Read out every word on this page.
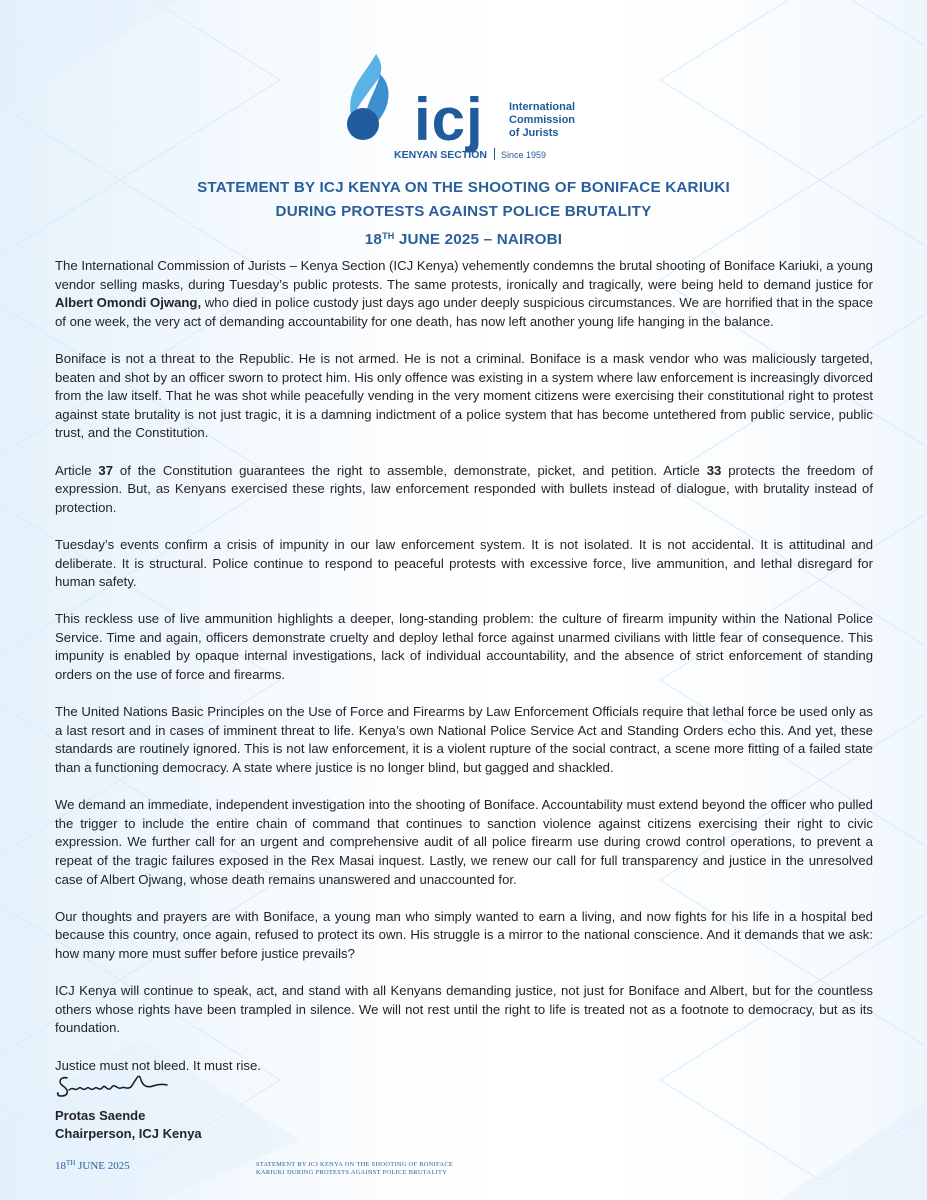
icj International
Commission
of Jurists
KENYAN SECTION Since 1959
STATEMENT BY ICJ KENYA ON THE SHOOTING OF BONIFACE KARIUKI
DURING PROTESTS AGAINST POLICE BRUTALITY
18TH JUNE 2025 – NAIROBI

The International Commission of Jurists – Kenya Section (ICJ Kenya) vehemently condemns the brutal shooting of Boniface Kariuki, a young vendor selling masks, during Tuesday’s public protests. The same protests, ironically and tragically, were being held to demand justice for Albert Omondi Ojwang, who died in police custody just days ago under deeply suspicious circumstances. We are horrified that in the space of one week, the very act of demanding accountability for one death, has now left another young life hanging in the balance.

Boniface is not a threat to the Republic. He is not armed. He is not a criminal. Boniface is a mask vendor who was maliciously targeted, beaten and shot by an officer sworn to protect him. His only offence was existing in a system where law enforcement is increasingly divorced from the law itself. That he was shot while peacefully vending in the very moment citizens were exercising their constitutional right to protest against state brutality is not just tragic, it is a damning indictment of a police system that has become untethered from public service, public trust, and the Constitution.

Article 37 of the Constitution guarantees the right to assemble, demonstrate, picket, and petition. Article 33 protects the freedom of expression. But, as Kenyans exercised these rights, law enforcement responded with bullets instead of dialogue, with brutality instead of protection.

Tuesday’s events confirm a crisis of impunity in our law enforcement system. It is not isolated. It is not accidental. It is attitudinal and deliberate. It is structural. Police continue to respond to peaceful protests with excessive force, live ammunition, and lethal disregard for human safety.

This reckless use of live ammunition highlights a deeper, long-standing problem: the culture of firearm impunity within the National Police Service. Time and again, officers demonstrate cruelty and deploy lethal force against unarmed civilians with little fear of consequence. This impunity is enabled by opaque internal investigations, lack of individual accountability, and the absence of strict enforcement of standing orders on the use of force and firearms.

The United Nations Basic Principles on the Use of Force and Firearms by Law Enforcement Officials require that lethal force be used only as a last resort and in cases of imminent threat to life. Kenya’s own National Police Service Act and Standing Orders echo this. And yet, these standards are routinely ignored. This is not law enforcement, it is a violent rupture of the social contract, a scene more fitting of a failed state than a functioning democracy. A state where justice is no longer blind, but gagged and shackled.

We demand an immediate, independent investigation into the shooting of Boniface. Accountability must extend beyond the officer who pulled the trigger to include the entire chain of command that continues to sanction violence against citizens exercising their right to civic expression. We further call for an urgent and comprehensive audit of all police firearm use during crowd control operations, to prevent a repeat of the tragic failures exposed in the Rex Masai inquest. Lastly, we renew our call for full transparency and justice in the unresolved case of Albert Ojwang, whose death remains unanswered and unaccounted for.

Our thoughts and prayers are with Boniface, a young man who simply wanted to earn a living, and now fights for his life in a hospital bed because this country, once again, refused to protect its own. His struggle is a mirror to the national conscience. And it demands that we ask: how many more must suffer before justice prevails?

ICJ Kenya will continue to speak, act, and stand with all Kenyans demanding justice, not just for Boniface and Albert, but for the countless others whose rights have been trampled in silence. We will not rest until the right to life is treated not as a footnote to democracy, but as its foundation.

Justice must not bleed. It must rise.

Protas Saende
Chairperson, ICJ Kenya
18TH JUNE 2025	STATEMENT BY ICJ KENYA ON THE SHOOTING OF BONIFACE
KARIUKI DURING PROTESTS AGAINST POLICE BRUTALITY
